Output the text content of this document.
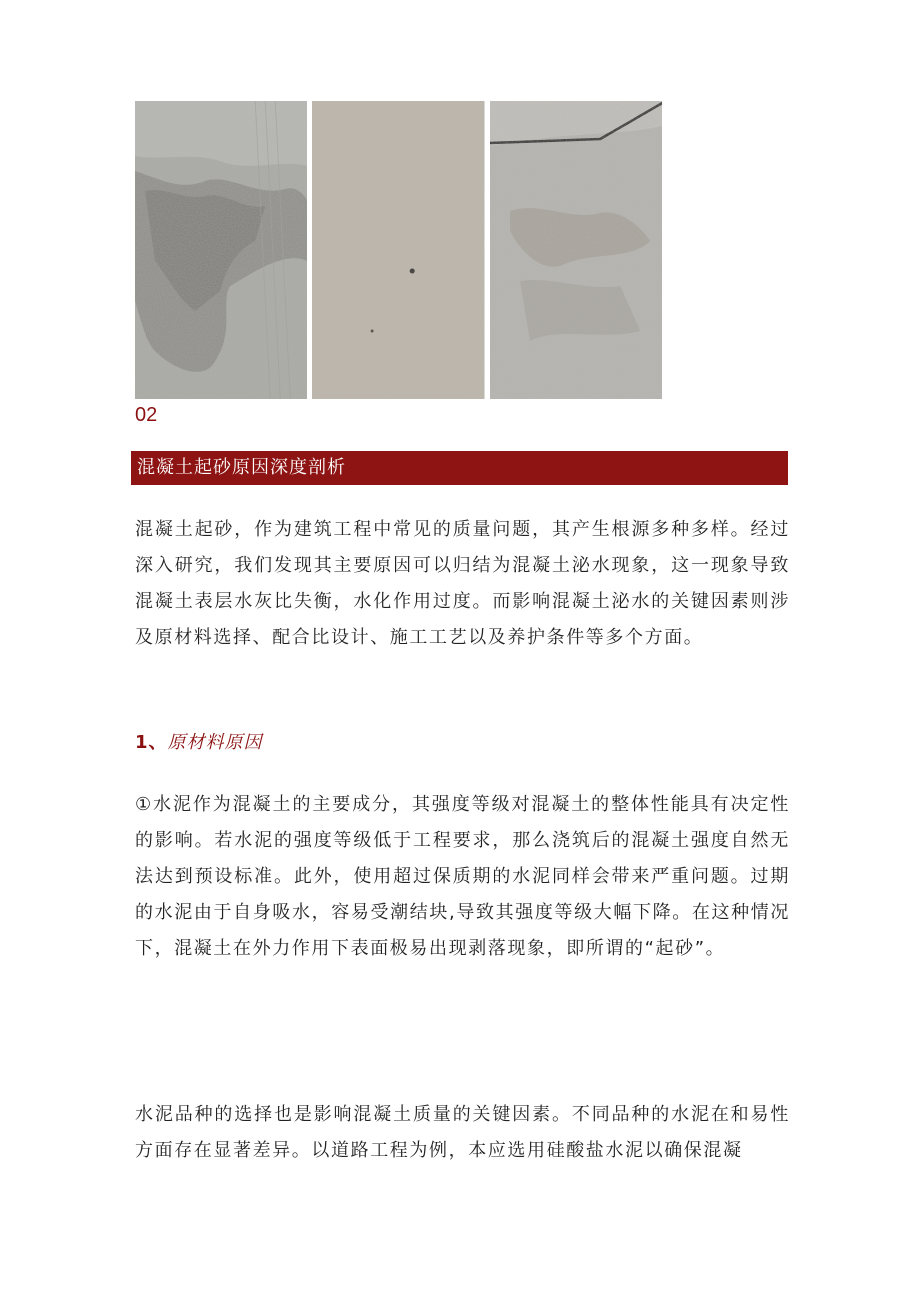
02
混凝土起砂原因深度剖析

混凝土起砂，作为建筑工程中常见的质量问题，其产生根源多种多样。经过深入研究，我们发现其主要原因可以归结为混凝土泌水现象，这一现象导致混凝土表层水灰比失衡，水化作用过度。而影响混凝土泌水的关键因素则涉及原材料选择、配合比设计、施工工艺以及养护条件等多个方面。

1、原材料原因

①水泥作为混凝土的主要成分，其强度等级对混凝土的整体性能具有决定性的影响。若水泥的强度等级低于工程要求，那么浇筑后的混凝土强度自然无法达到预设标准。此外，使用超过保质期的水泥同样会带来严重问题。过期的水泥由于自身吸水，容易受潮结块,导致其强度等级大幅下降。在这种情况下，混凝土在外力作用下表面极易出现剥落现象，即所谓的“起砂”。

水泥品种的选择也是影响混凝土质量的关键因素。不同品种的水泥在和易性方面存在显著差异。以道路工程为例，本应选用硅酸盐水泥以确保混凝
